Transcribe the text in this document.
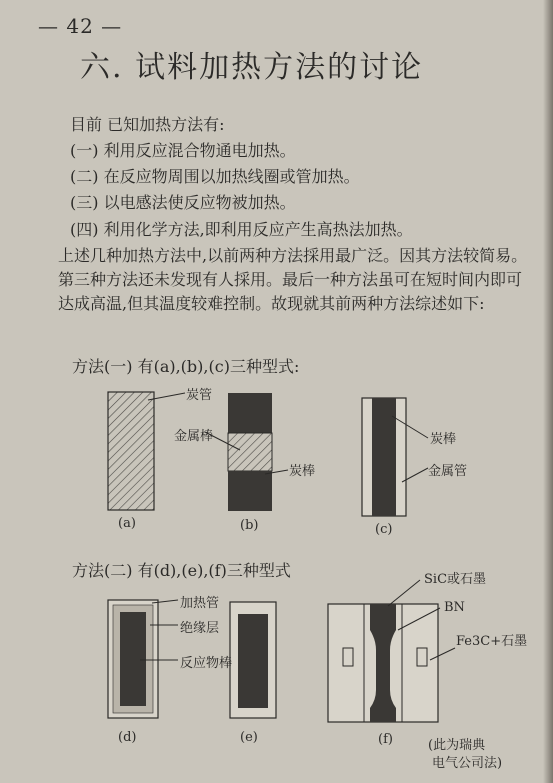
— 42 —
六. 试料加热方法的讨论
目前 已知加热方法有:
(一) 利用反应混合物通电加热。
(二) 在反应物周围以加热线圈或管加热。
(三) 以电感法使反应物被加热。
(四) 利用化学方法,即利用反应产生高热法加热。
上述几种加热方法中,以前两种方法採用最广泛。因其方法较简易。第三种方法还未发现有人採用。最后一种方法虽可在短时间内即可达成高温,但其温度较难控制。故现就其前两种方法综述如下:
方法(一) 有(a),(b),(c)三种型式:
炭管
金属棒
炭棒
炭棒
金属管
(a)	(b)	(c)
方法(二) 有(d),(e),(f)三种型式
加热管
绝缘层
反应物棒
SiC或石墨
BN
Fe3C+石墨
(d)	(e)	(f)	(此为瑞典
电气公司法)
